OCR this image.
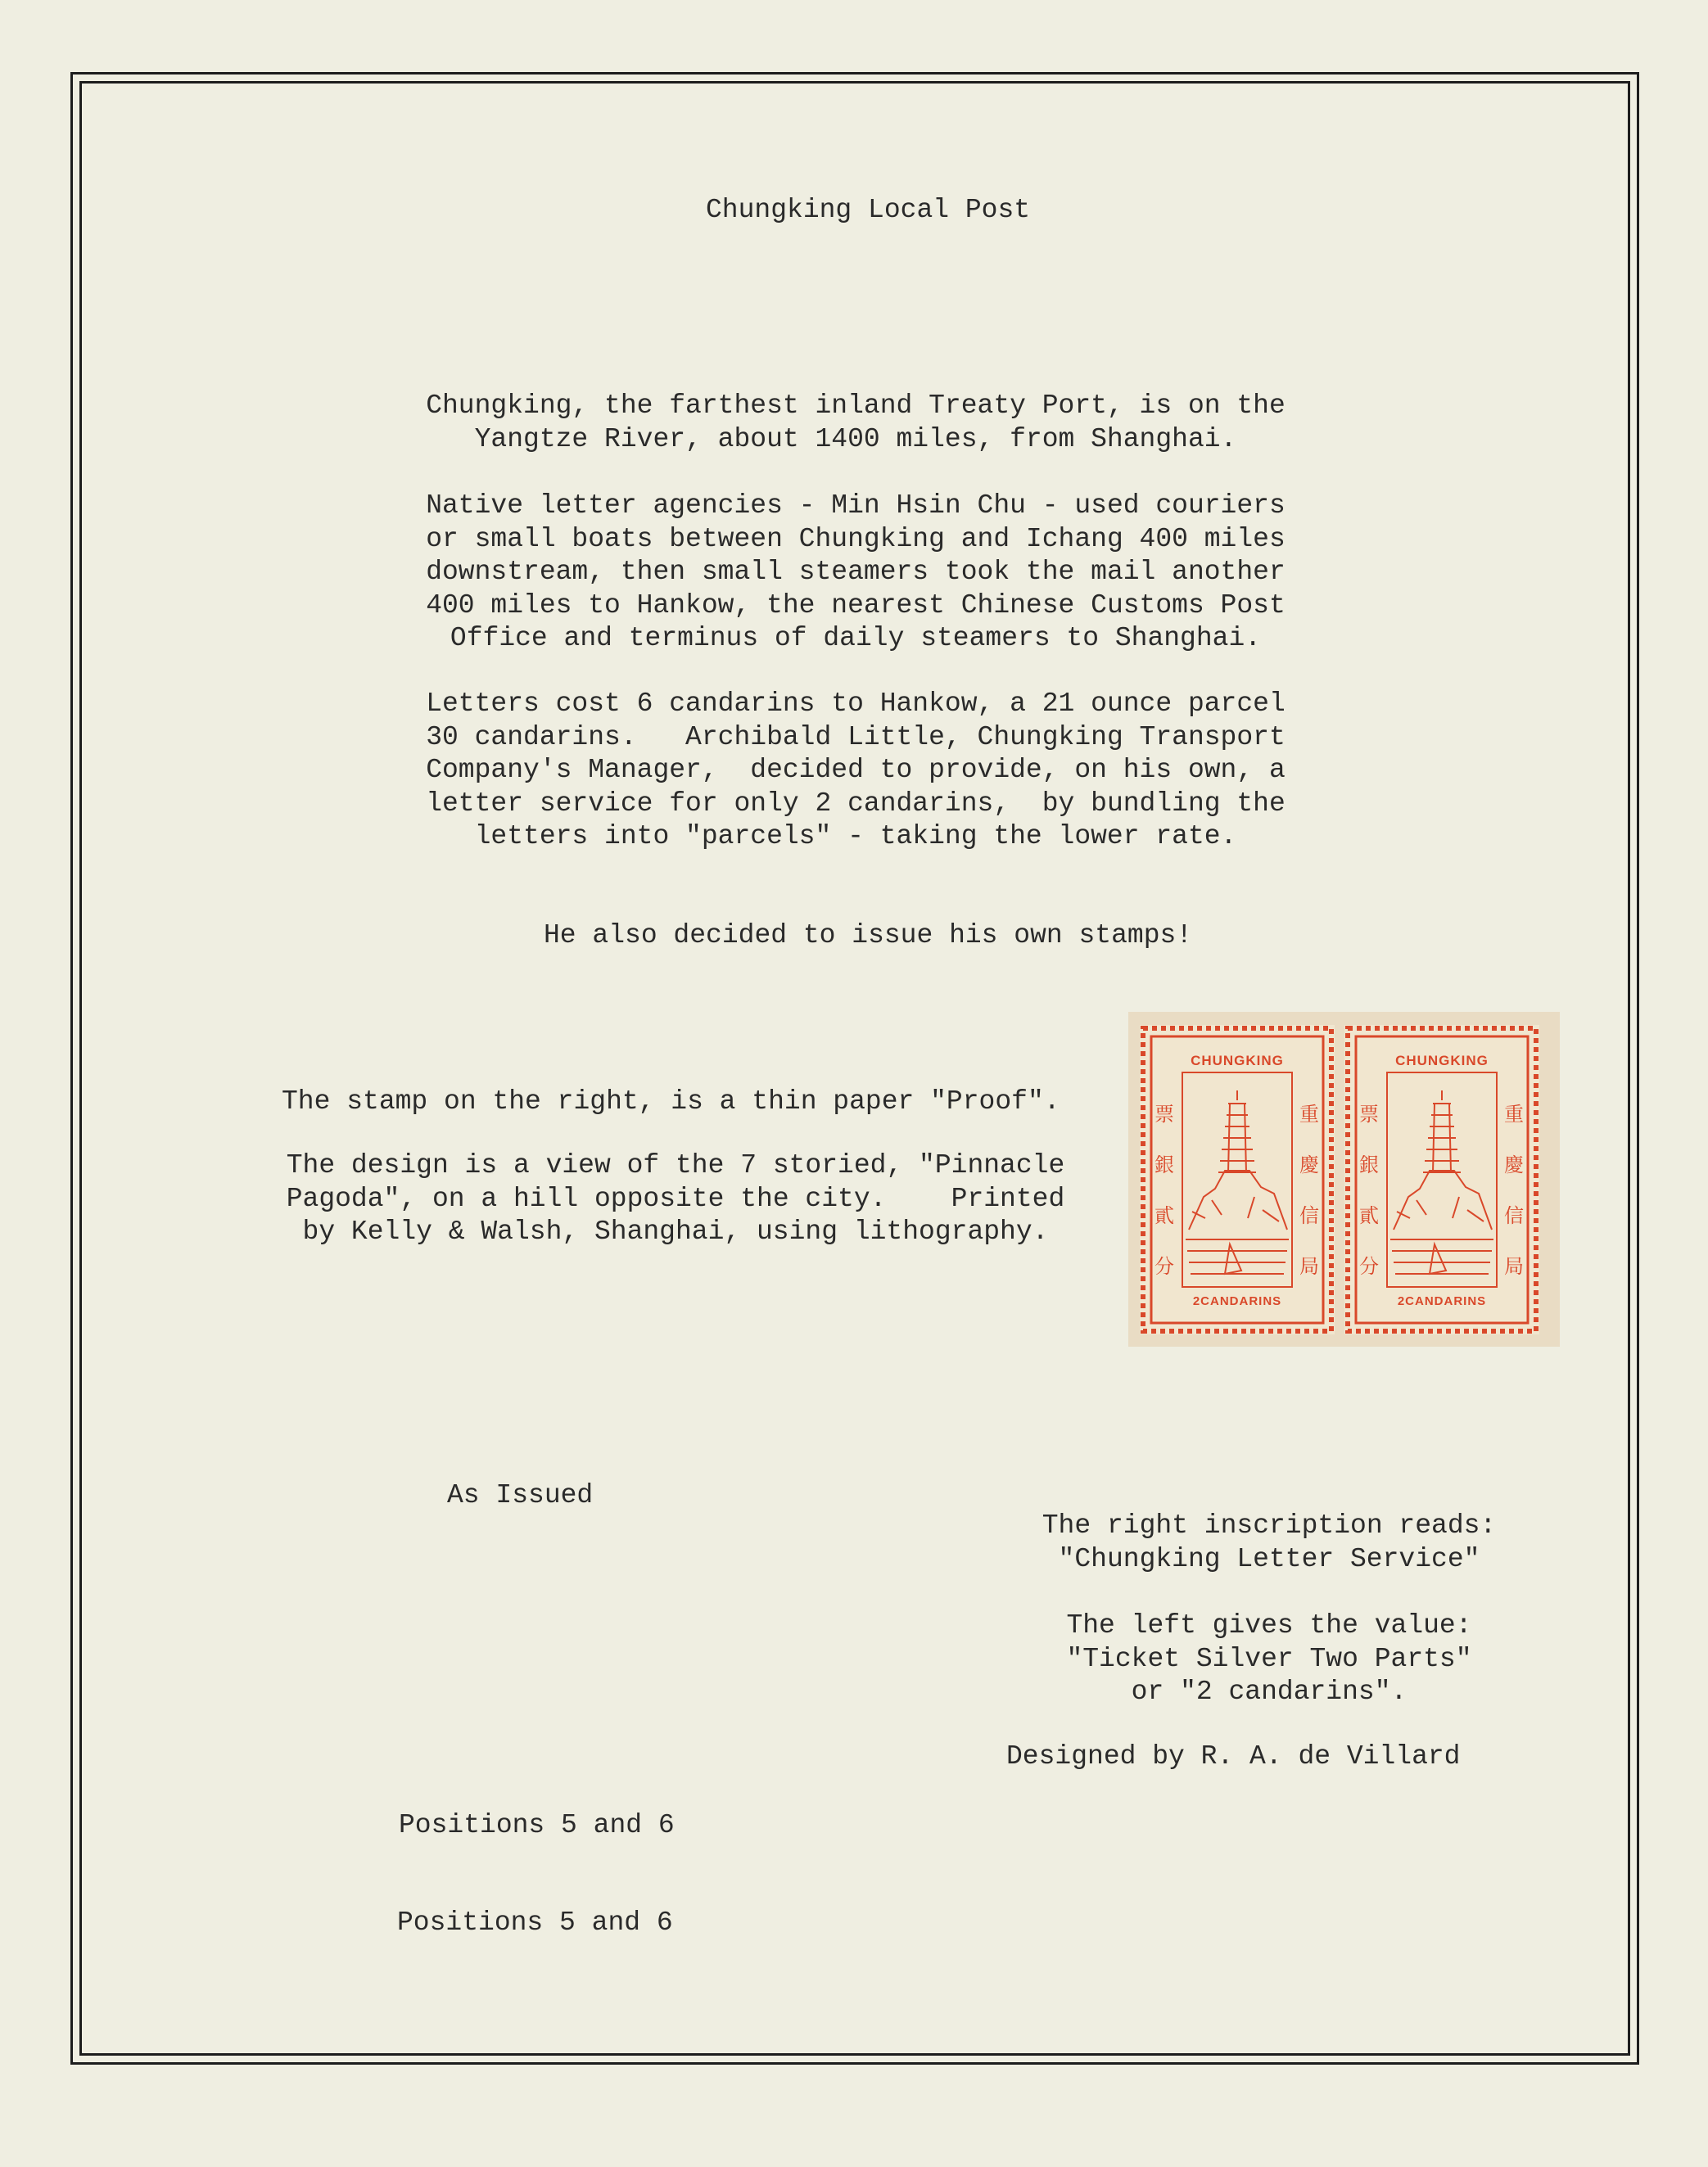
Chungking Local Post
Chungking, the farthest inland Treaty Port, is on the
Yangtze River, about 1400 miles, from Shanghai.
Native letter agencies - Min Hsin Chu - used couriers
or small boats between Chungking and Ichang 400 miles
downstream, then small steamers took the mail another
400 miles to Hankow, the nearest Chinese Customs Post
Office and terminus of daily steamers to Shanghai.
Letters cost 6 candarins to Hankow, a 21 ounce parcel
30 candarins.   Archibald Little, Chungking Transport
Company's Manager,  decided to provide, on his own, a
letter service for only 2 candarins,  by bundling the
letters into "parcels" - taking the lower rate.
He also decided to issue his own stamps!
The stamp on the right, is a thin paper "Proof".
The design is a view of the 7 storied, "Pinnacle
Pagoda", on a hill opposite the city.    Printed
by Kelly & Walsh, Shanghai, using lithography.
CHUNGKING
2CANDARINS
票
銀
貳
分
重
慶
信
局
CHUNGKING
2CANDARINS
票
銀
貳
分
重
慶
信
局
As Issued
The right inscription reads:
"Chungking Letter Service"
The left gives the value:
"Ticket Silver Two Parts"
or "2 candarins".
Designed by R. A. de Villard
Positions 5 and 6
Positions 5 and 6
